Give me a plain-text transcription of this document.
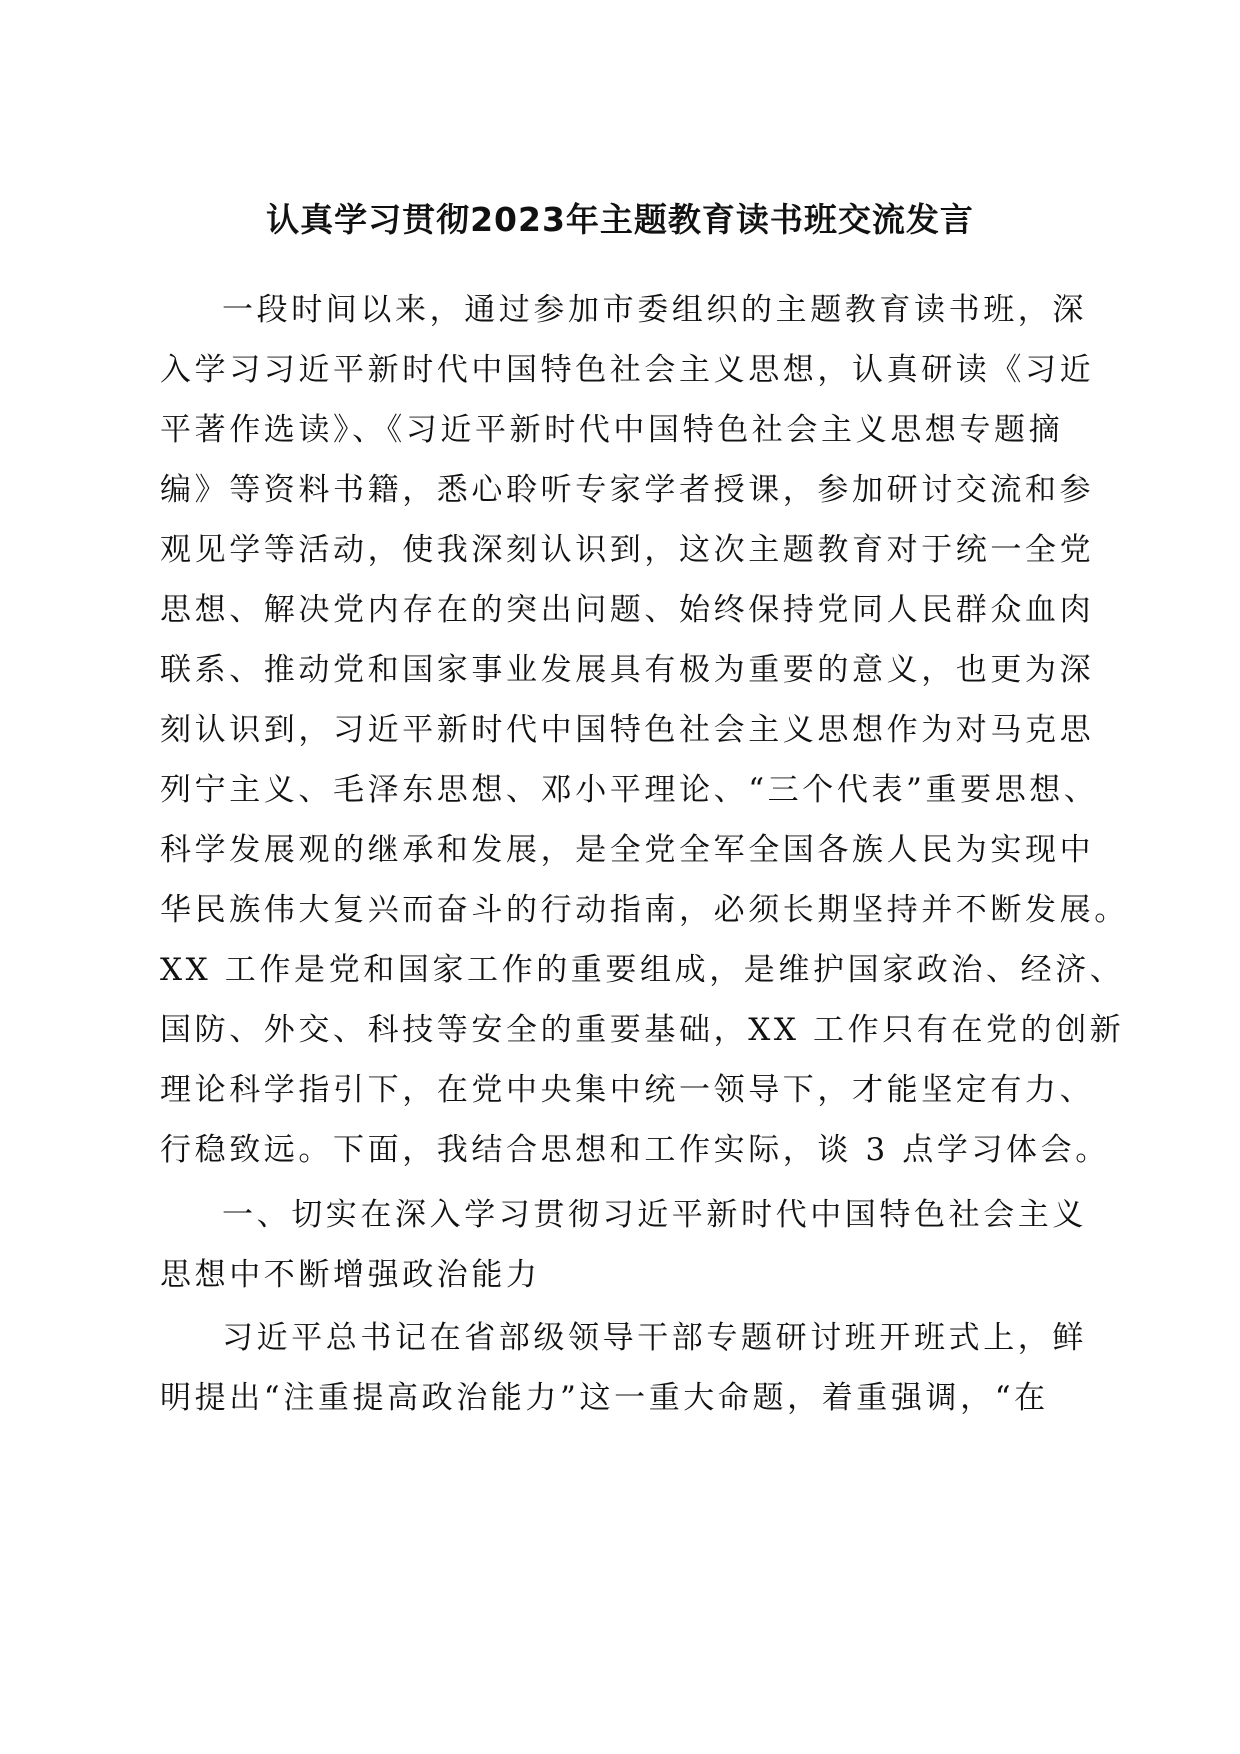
认真学习贯彻2023年主题教育读书班交流发言
一段时间以来，通过参加市委组织的主题教育读书班，深
入学习习近平新时代中国特色社会主义思想，认真研读《习近
平著作选读》、《习近平新时代中国特色社会主义思想专题摘
编》等资料书籍，悉心聆听专家学者授课，参加研讨交流和参
观见学等活动，使我深刻认识到，这次主题教育对于统一全党
思想、解决党内存在的突出问题、始终保持党同人民群众血肉
联系、推动党和国家事业发展具有极为重要的意义，也更为深
刻认识到，习近平新时代中国特色社会主义思想作为对马克思
列宁主义、毛泽东思想、邓小平理论、“三个代表”重要思想、
科学发展观的继承和发展，是全党全军全国各族人民为实现中
华民族伟大复兴而奋斗的行动指南，必须长期坚持并不断发展。
XX 工作是党和国家工作的重要组成，是维护国家政治、经济、
国防、外交、科技等安全的重要基础，XX 工作只有在党的创新
理论科学指引下，在党中央集中统一领导下，才能坚定有力、
行稳致远。下面，我结合思想和工作实际，谈 3 点学习体会。
一、切实在深入学习贯彻习近平新时代中国特色社会主义
思想中不断增强政治能力
习近平总书记在省部级领导干部专题研讨班开班式上，鲜
明提出“注重提高政治能力”这一重大命题，着重强调，“在
